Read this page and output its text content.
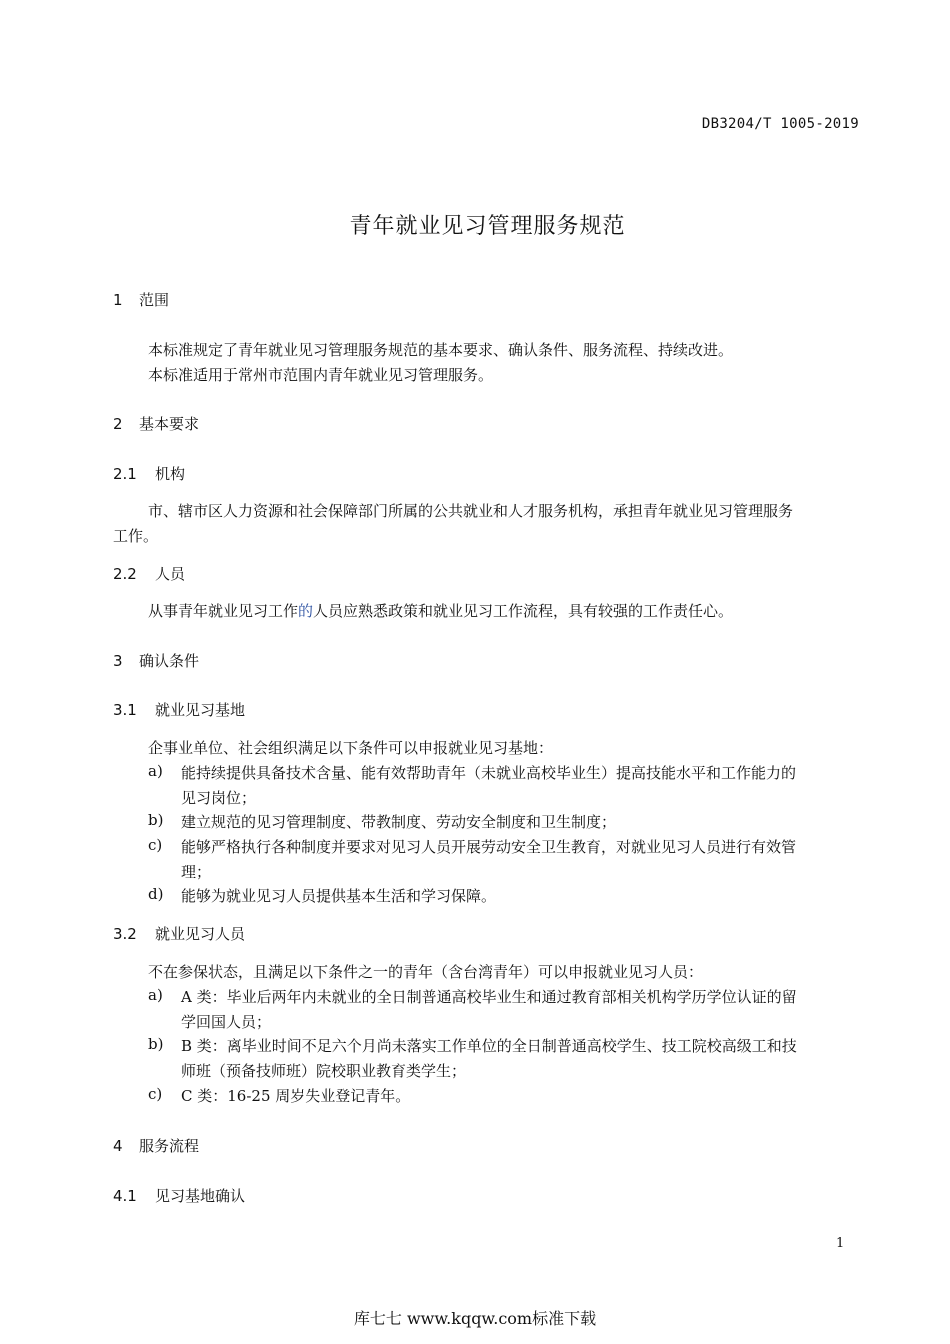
DB3204/T 1005-2019
青年就业见习管理服务规范
1 范围
本标准规定了青年就业见习管理服务规范的基本要求、确认条件、服务流程、持续改进。
本标准适用于常州市范围内青年就业见习管理服务。
2 基本要求
2.1 机构
市、辖市区人力资源和社会保障部门所属的公共就业和人才服务机构，承担青年就业见习管理服务
工作。
2.2 人员
从事青年就业见习工作的人员应熟悉政策和就业见习工作流程，具有较强的工作责任心。
3 确认条件
3.1 就业见习基地
企事业单位、社会组织满足以下条件可以申报就业见习基地：
a) 能持续提供具备技术含量、能有效帮助青年（未就业高校毕业生）提高技能水平和工作能力的
见习岗位；
b) 建立规范的见习管理制度、带教制度、劳动安全制度和卫生制度；
c) 能够严格执行各种制度并要求对见习人员开展劳动安全卫生教育，对就业见习人员进行有效管
理；
d) 能够为就业见习人员提供基本生活和学习保障。
3.2 就业见习人员
不在参保状态，且满足以下条件之一的青年（含台湾青年）可以申报就业见习人员：
a) A 类：毕业后两年内未就业的全日制普通高校毕业生和通过教育部相关机构学历学位认证的留
学回国人员；
b) B 类：离毕业时间不足六个月尚未落实工作单位的全日制普通高校学生、技工院校高级工和技
师班（预备技师班）院校职业教育类学生；
c) C 类：16-25 周岁失业登记青年。
4 服务流程
4.1 见习基地确认
1
库七七 www.kqqw.com标准下载
